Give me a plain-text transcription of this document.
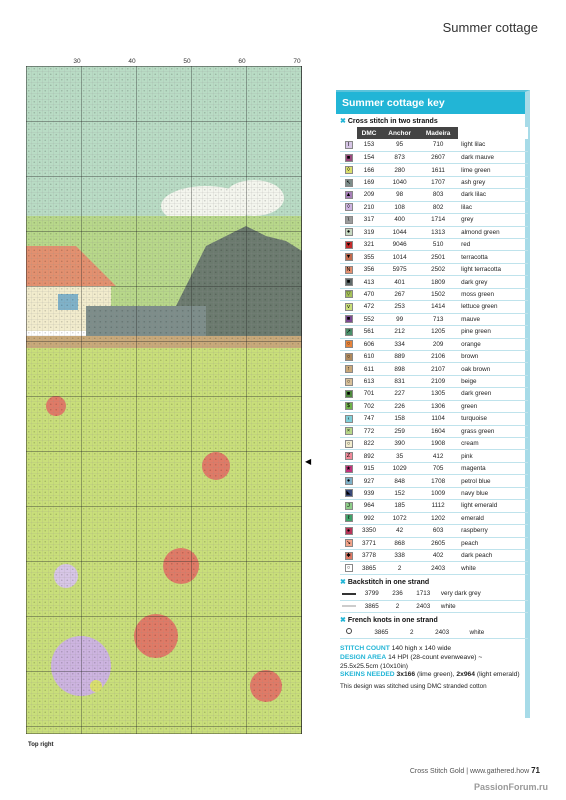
Summer cottage
30	40	50	60	70
◀
Top right
Summer cottage key
✖ Cross stitch in two strands
	DMC	Anchor	Madeira	
I	153	95	710	light lilac
■	154	873	2607	dark mauve
◊	166	280	1611	lime green
↖	169	1040	1707	ash grey
▲	209	98	803	dark lilac
◊	210	108	802	lilac
\	317	400	1714	grey
●	319	1044	1313	almond green
♥	321	9046	510	red
▼	355	1014	2501	terracotta
N	356	5975	2502	light terracotta
■	413	401	1809	dark grey
▽	470	267	1502	moss green
v	472	253	1414	lettuce green
■	552	99	713	mauve
↗	561	212	1205	pine green
○	606	334	209	orange
○	610	889	2106	brown
↑	611	898	2107	oak brown
○	613	831	2109	beige
■	701	227	1305	dark green
$	702	226	1306	green
‹	747	158	1104	turquoise
×	772	259	1604	grass green
○	822	390	1908	cream
Z	892	35	412	pink
★	915	1029	705	magenta
●	927	848	1708	petrol blue
◣	939	152	1009	navy blue
J	964	185	1112	light emerald
ℓ	992	1072	1202	emerald
●	3350	42	603	raspberry
↘	3771	868	2605	peach
✱	3778	338	402	dark peach
○	3865	2	2403	white
✖ Backstitch in one strand
	3799	236	1713	very dark grey
	3865	2	2403	white
✖ French knots in one strand
	3865	2	2403	white
STITCH COUNT 140 high x 140 wide
DESIGN AREA 14 HPI (28-count evenweave) ~ 25.5x25.5cm (10x10in)
SKEINS NEEDED 3x166 (lime green), 2x964 (light emerald)
This design was stitched using DMC stranded cotton
Cross Stitch Gold | www.gathered.how 71
PassionForum.ru
